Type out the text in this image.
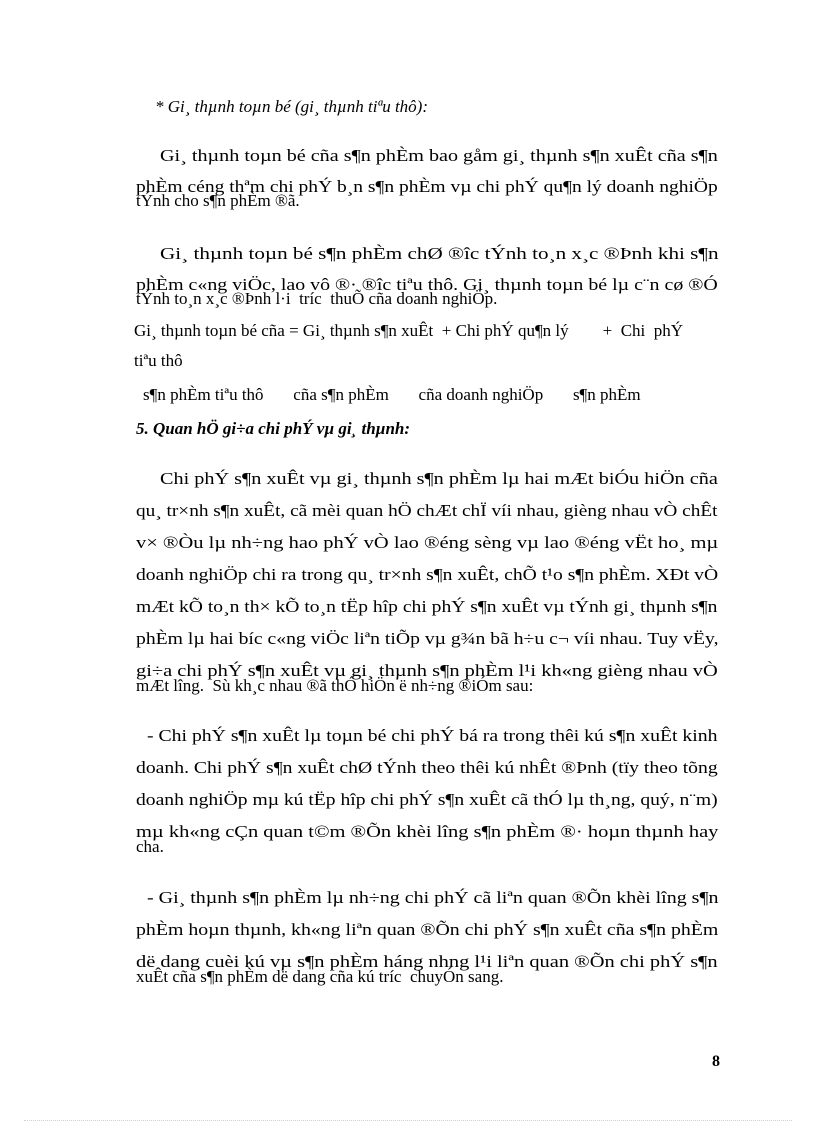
* Gi¸ thµnh toµn bé (gi¸ thµnh tiªu thô):

Gi¸ thµnh toµn bé cña s¶n phÈm bao gåm gi¸ thµnh s¶n xuÊt cña s¶n

phÈm céng thªm chi phÝ b¸n s¶n phÈm vµ chi phÝ qu¶n lý doanh nghiÖp

tÝnh cho s¶n phÈm ®ã.

Gi¸ thµnh toµn bé s¶n phÈm chØ ®îc tÝnh to¸n x¸c ®Þnh khi s¶n

phÈm c«ng viÖc, lao vô ®· ®îc tiªu thô. Gi¸ thµnh toµn bé lµ c¨n cø ®Ó

tÝnh to¸n x¸c ®Þnh l·i  tríc  thuÕ cña doanh nghiÖp.

Gi¸ thµnh toµn bé cña = Gi¸ thµnh s¶n xuÊt  + Chi phÝ qu¶n lý        +  Chi  phÝ

tiªu thô

s¶n phÈm tiªu thô       cña s¶n phÈm       cña doanh nghiÖp       s¶n phÈm

5. Quan hÖ gi÷a chi phÝ vµ gi¸ thµnh:

Chi phÝ s¶n xuÊt vµ gi¸ thµnh s¶n phÈm lµ hai mÆt biÓu hiÖn cña

qu¸ tr×nh s¶n xuÊt, cã mèi quan hÖ chÆt chÏ víi nhau, gièng nhau vÒ chÊt

v× ®Òu lµ nh÷ng hao phÝ vÒ lao ®éng sèng vµ lao ®éng vËt ho¸ mµ

doanh nghiÖp chi ra trong qu¸ tr×nh s¶n xuÊt, chÕ t¹o s¶n phÈm. XÐt vÒ

mÆt kÕ to¸n th× kÕ to¸n tËp hîp chi phÝ s¶n xuÊt vµ tÝnh gi¸ thµnh s¶n

phÈm lµ hai bíc c«ng viÖc liªn tiÕp vµ g¾n bã h÷u c¬ víi nhau. Tuy vËy,

gi÷a chi phÝ s¶n xuÊt vµ gi¸ thµnh s¶n phÈm l¹i kh«ng gièng nhau vÒ

mÆt lîng.  Sù kh¸c nhau ®ã thÓ hiÖn ë nh÷ng ®iÓm sau:

- Chi phÝ s¶n xuÊt lµ toµn bé chi phÝ bá ra trong thêi kú s¶n xuÊt kinh

doanh. Chi phÝ s¶n xuÊt chØ tÝnh theo thêi kú nhÊt ®Þnh (tïy theo tõng

doanh nghiÖp mµ kú tËp hîp chi phÝ s¶n xuÊt cã thÓ lµ th¸ng, quý, n¨m)

mµ kh«ng cÇn quan t©m ®Õn khèi lîng s¶n phÈm ®· hoµn thµnh hay

cha.

- Gi¸ thµnh s¶n phÈm lµ nh÷ng chi phÝ cã liªn quan ®Õn khèi lîng s¶n

phÈm hoµn thµnh, kh«ng liªn quan ®Õn chi phÝ s¶n xuÊt cña s¶n phÈm

dë dang cuèi kú vµ s¶n phÈm háng nhng l¹i liªn quan ®Õn chi phÝ s¶n

xuÊt cña s¶n phÈm dë dang cña kú tríc  chuyÓn sang.

8
